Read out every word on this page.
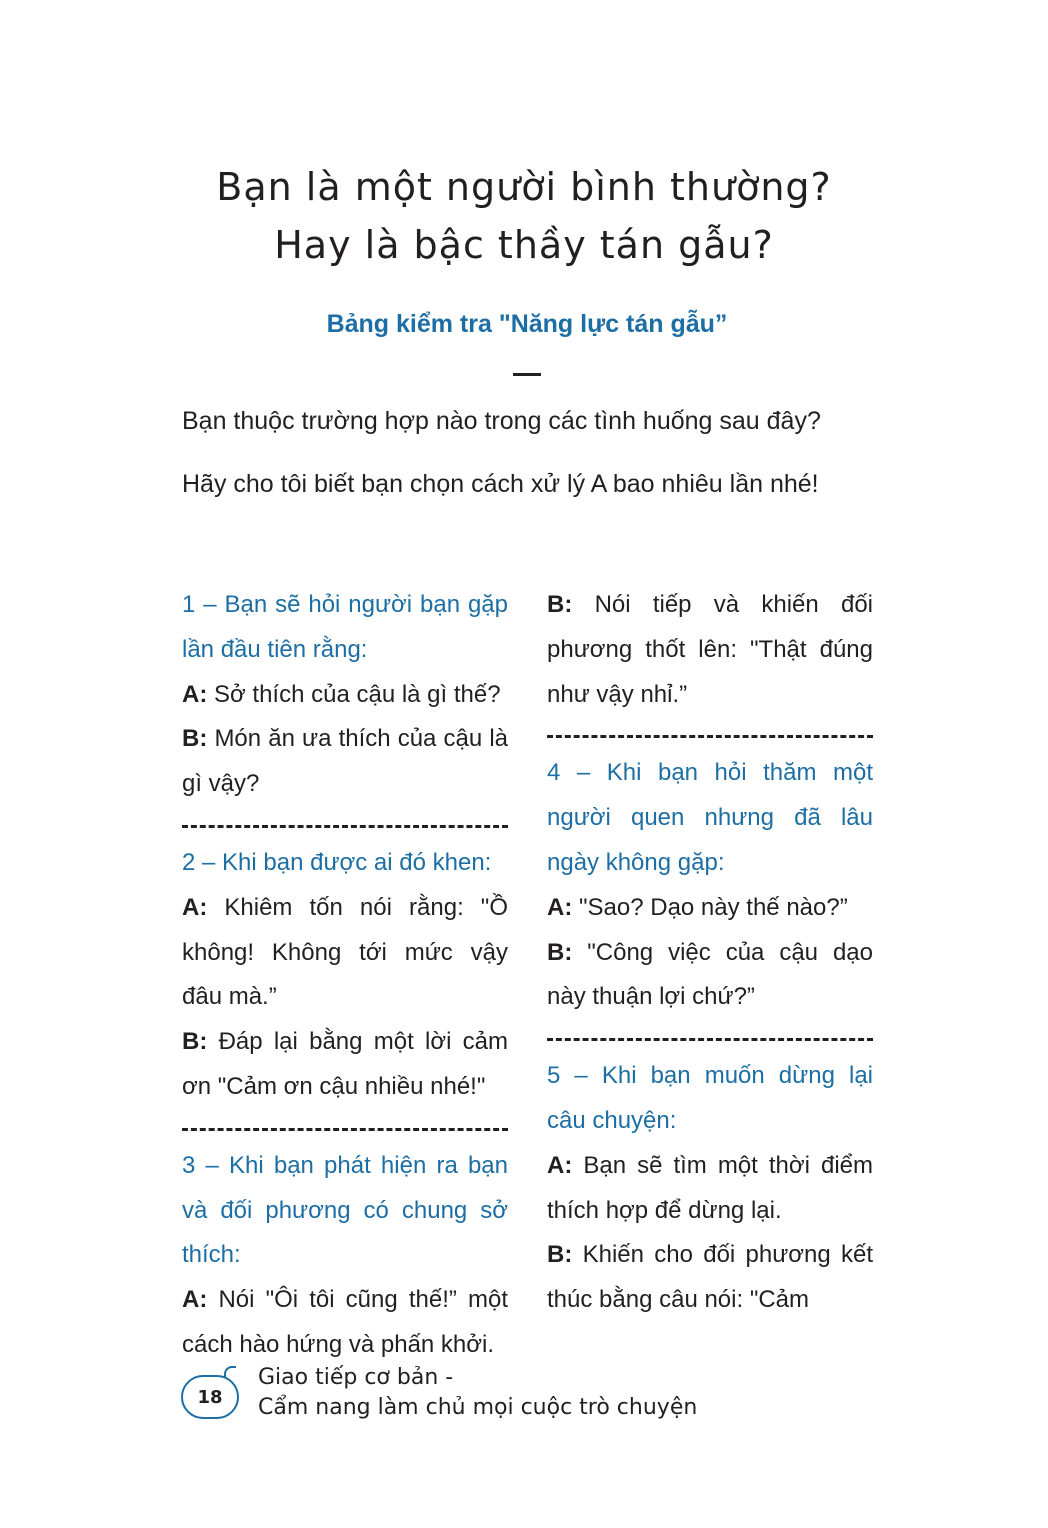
Bạn là một người bình thường?
Hay là bậc thầy tán gẫu?
Bảng kiểm tra "Năng lực tán gẫu”
Bạn thuộc trường hợp nào trong các tình huống sau đây?
Hãy cho tôi biết bạn chọn cách xử lý A bao nhiêu lần nhé!

1 – Bạn sẽ hỏi người bạn gặp lần đầu tiên rằng:

A: Sở thích của cậu là gì thế?

B: Món ăn ưa thích của cậu là gì vậy?

2 – Khi bạn được ai đó khen:

A: Khiêm tốn nói rằng: "Ồ không! Không tới mức vậy đâu mà.”

B: Đáp lại bằng một lời cảm ơn "Cảm ơn cậu nhiều nhé!"

3 – Khi bạn phát hiện ra bạn và đối phương có chung sở thích:

A: Nói "Ôi tôi cũng thế!” một cách hào hứng và phấn khởi.

B: Nói tiếp và khiến đối phương thốt lên: "Thật đúng như vậy nhỉ.”

4 – Khi bạn hỏi thăm một người quen nhưng đã lâu ngày không gặp:

A: "Sao? Dạo này thế nào?”

B: "Công việc của cậu dạo này thuận lợi chứ?”

5 – Khi bạn muốn dừng lại câu chuyện:

A: Bạn sẽ tìm một thời điểm thích hợp để dừng lại.

B: Khiến cho đối phương kết thúc bằng câu nói: "Cảm

18
Giao tiếp cơ bản -
Cẩm nang làm chủ mọi cuộc trò chuyện
